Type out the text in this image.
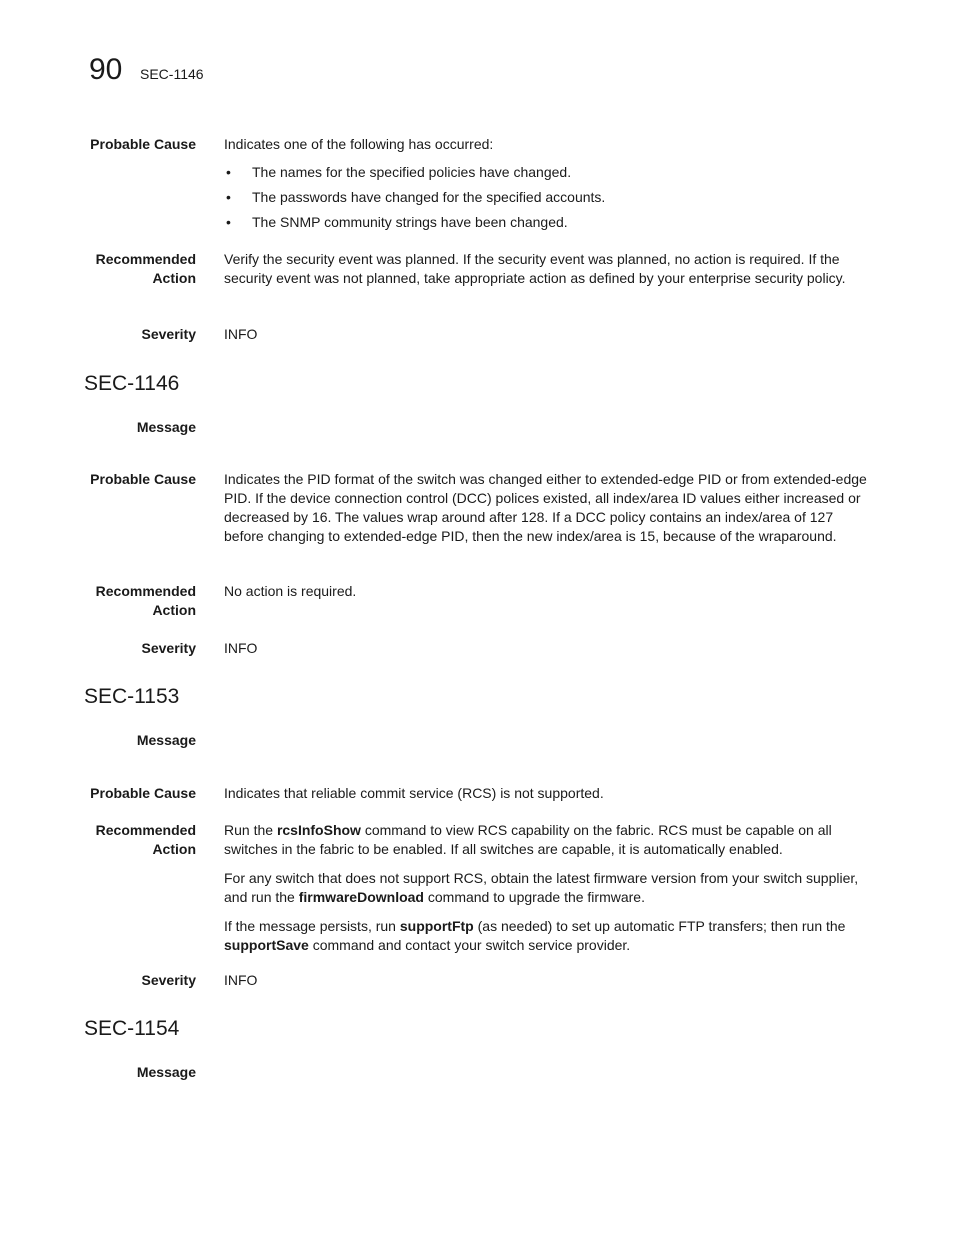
90 SEC-1146
Probable Cause Indicates one of the following has occurred:
• The names for the specified policies have changed.
• The passwords have changed for the specified accounts.
• The SNMP community strings have been changed.
Recommended
Action
Verify the security event was planned. If the security event was planned, no action is required. If the security event was not planned, take appropriate action as defined by your enterprise security policy.
Severity INFO
SEC-1146
Message
Probable Cause Indicates the PID format of the switch was changed either to extended-edge PID or from extended-edge PID. If the device connection control (DCC) polices existed, all index/area ID values either increased or decreased by 16. The values wrap around after 128. If a DCC policy contains an index/area of 127 before changing to extended-edge PID, then the new index/area is 15, because of the wraparound.
Recommended
Action
No action is required.
Severity INFO
SEC-1153
Message
Probable Cause Indicates that reliable commit service (RCS) is not supported.
Recommended
Action

Run the rcsInfoShow command to view RCS capability on the fabric. RCS must be capable on all switches in the fabric to be enabled. If all switches are capable, it is automatically enabled.

For any switch that does not support RCS, obtain the latest firmware version from your switch supplier, and run the firmwareDownload command to upgrade the firmware.

If the message persists, run supportFtp (as needed) to set up automatic FTP transfers; then run the supportSave command and contact your switch service provider.

Severity INFO
SEC-1154
Message
